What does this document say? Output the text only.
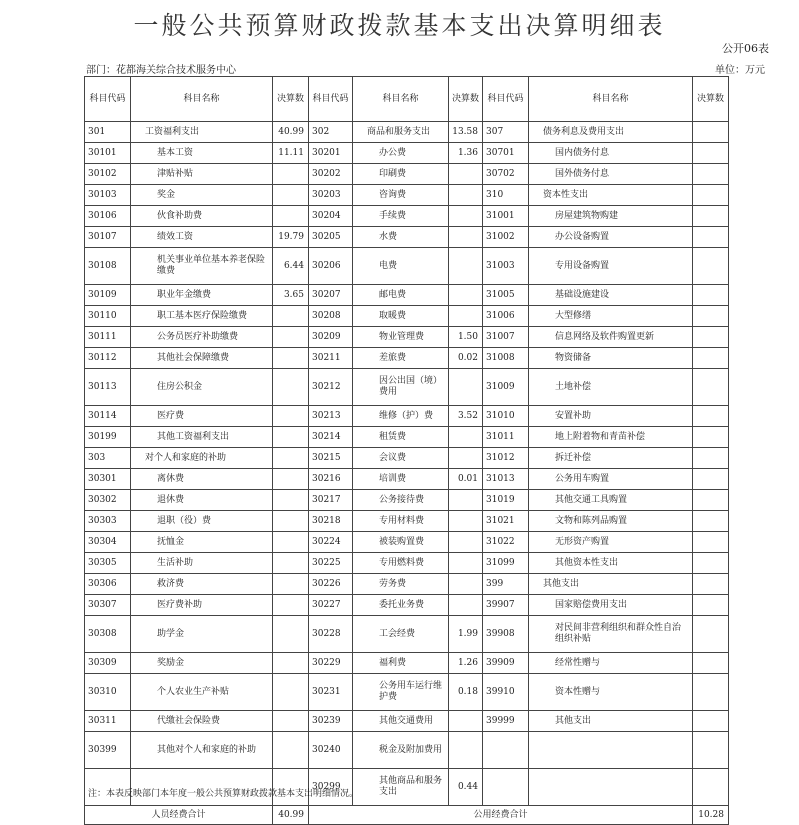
一般公共预算财政拨款基本支出决算明细表
公开06表
部门：花都海关综合技术服务中心	单位：万元
科目代码	科目名称	决算数	科目代码	科目名称	决算数	科目代码	科目名称	决算数
301	工资福利支出	40.99	302	商品和服务支出	13.58	307	债务利息及费用支出	
30101	基本工资	11.11	30201	办公费	1.36	30701	国内债务付息	
30102	津贴补贴		30202	印刷费		30702	国外债务付息	
30103	奖金		30203	咨询费		310	资本性支出	
30106	伙食补助费		30204	手续费		31001	房屋建筑物购建	
30107	绩效工资	19.79	30205	水费		31002	办公设备购置	
30108	机关事业单位基本养老保险缴费	6.44	30206	电费		31003	专用设备购置	
30109	职业年金缴费	3.65	30207	邮电费		31005	基础设施建设	
30110	职工基本医疗保险缴费		30208	取暖费		31006	大型修缮	
30111	公务员医疗补助缴费		30209	物业管理费	1.50	31007	信息网络及软件购置更新	
30112	其他社会保障缴费		30211	差旅费	0.02	31008	物资储备	
30113	住房公积金		30212	因公出国（境）费用		31009	土地补偿	
30114	医疗费		30213	维修（护）费	3.52	31010	安置补助	
30199	其他工资福利支出		30214	租赁费		31011	地上附着物和青苗补偿	
303	对个人和家庭的补助		30215	会议费		31012	拆迁补偿	
30301	离休费		30216	培训费	0.01	31013	公务用车购置	
30302	退休费		30217	公务接待费		31019	其他交通工具购置	
30303	退职（役）费		30218	专用材料费		31021	文物和陈列品购置	
30304	抚恤金		30224	被装购置费		31022	无形资产购置	
30305	生活补助		30225	专用燃料费		31099	其他资本性支出	
30306	救济费		30226	劳务费		399	其他支出	
30307	医疗费补助		30227	委托业务费		39907	国家赔偿费用支出	
30308	助学金		30228	工会经费	1.99	39908	对民间非营利组织和群众性自治组织补贴	
30309	奖励金		30229	福利费	1.26	39909	经常性赠与	
30310	个人农业生产补贴		30231	公务用车运行维护费	0.18	39910	资本性赠与	
30311	代缴社会保险费		30239	其他交通费用		39999	其他支出	
30399	其他对个人和家庭的补助		30240	税金及附加费用				
			30299	其他商品和服务支出	0.44			
人员经费合计		40.99	公用经费合计					10.28
注：本表反映部门本年度一般公共预算财政拨款基本支出明细情况。
